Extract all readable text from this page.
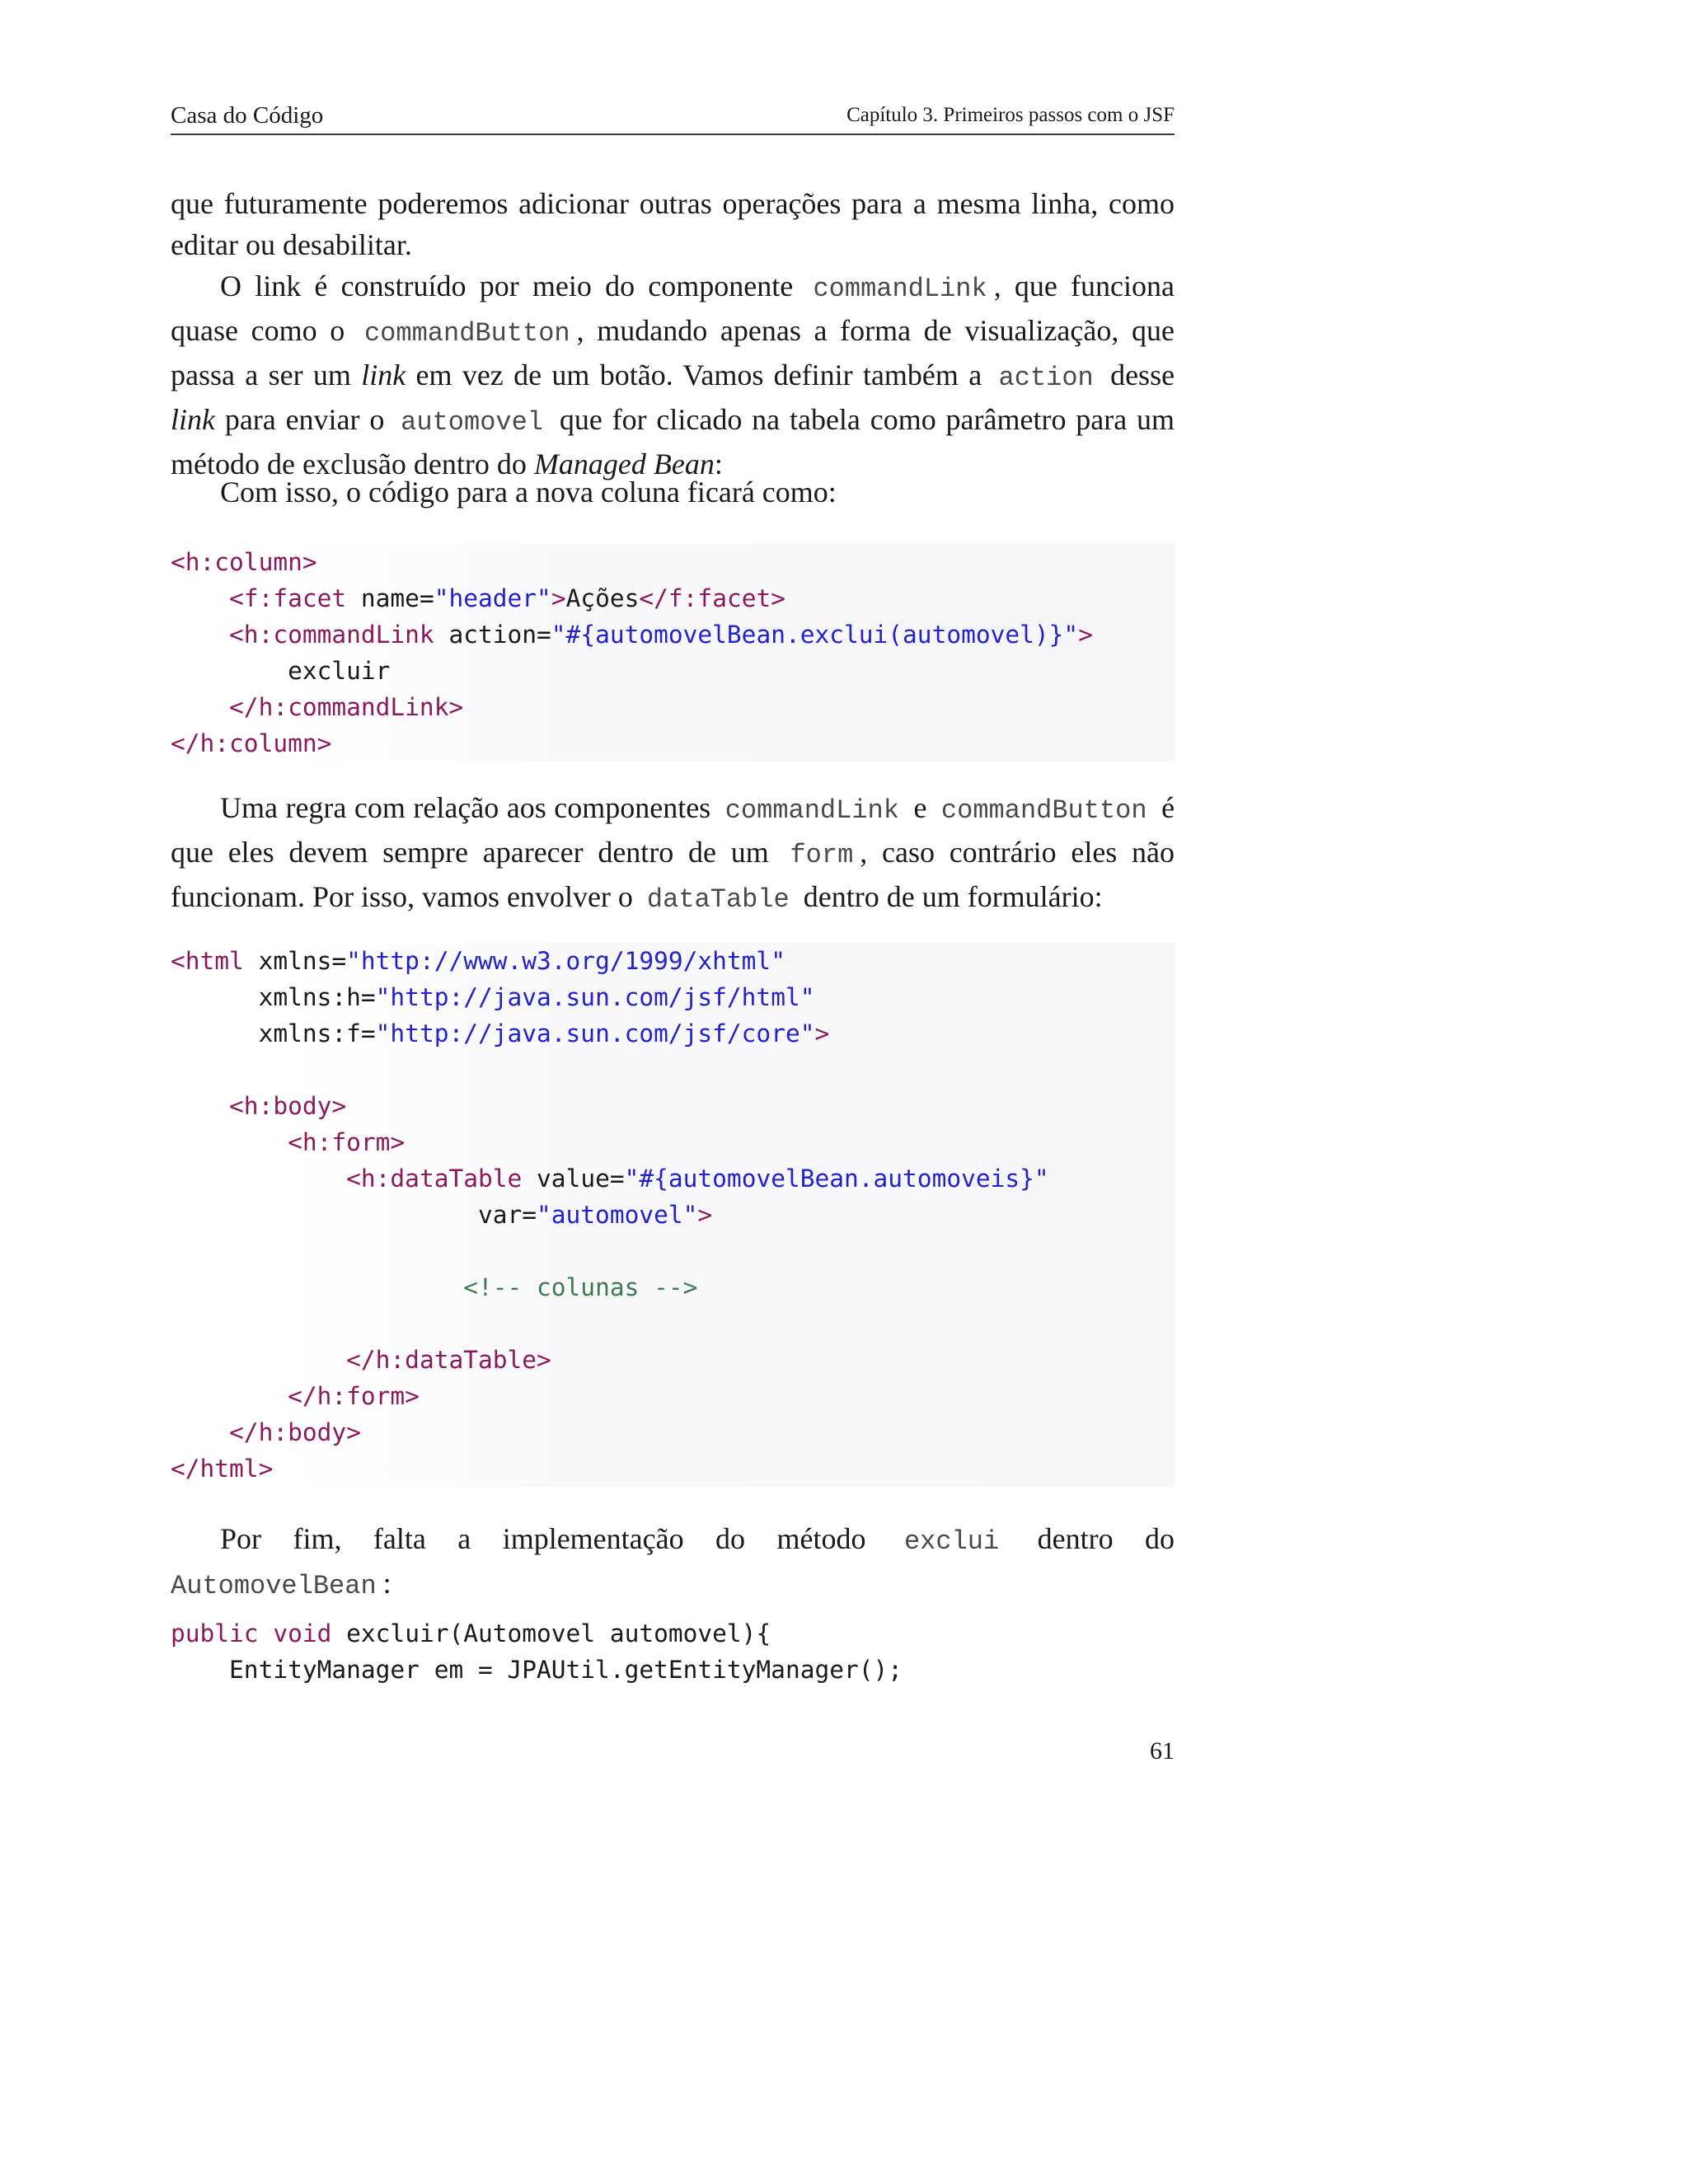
Casa do Código	Capítulo 3. Primeiros passos com o JSF

que futuramente poderemos adicionar outras operações para a mesma linha, como editar ou desabilitar.

O link é construído por meio do componente commandLink , que funciona quase como o commandButton , mudando apenas a forma de visualização, que passa a ser um link em vez de um botão. Vamos definir também a action desse link para enviar o automovel que for clicado na tabela como parâmetro para um método de exclusão dentro do Managed Bean:

Com isso, o código para a nova coluna ficará como:

<h:column>
<f:facet name="header">Ações</f:facet>
<h:commandLink action="#{automovelBean.exclui(automovel)}">
excluir
</h:commandLink>
</h:column>

Uma regra com relação aos componentes commandLink e commandButton é que eles devem sempre aparecer dentro de um form , caso contrário eles não funcionam. Por isso, vamos envolver o dataTable dentro de um formulário:

<html xmlns="http://www.w3.org/1999/xhtml"
xmlns:h="http://java.sun.com/jsf/html"
xmlns:f="http://java.sun.com/jsf/core">

<h:body>
<h:form>
<h:dataTable value="#{automovelBean.automoveis}"
var="automovel">

<!-- colunas -->

</h:dataTable>
</h:form>
</h:body>
</html>

Por fim, falta a implementação do método exclui dentro do AutomovelBean :

public void excluir(Automovel automovel){
EntityManager em = JPAUtil.getEntityManager();
61
